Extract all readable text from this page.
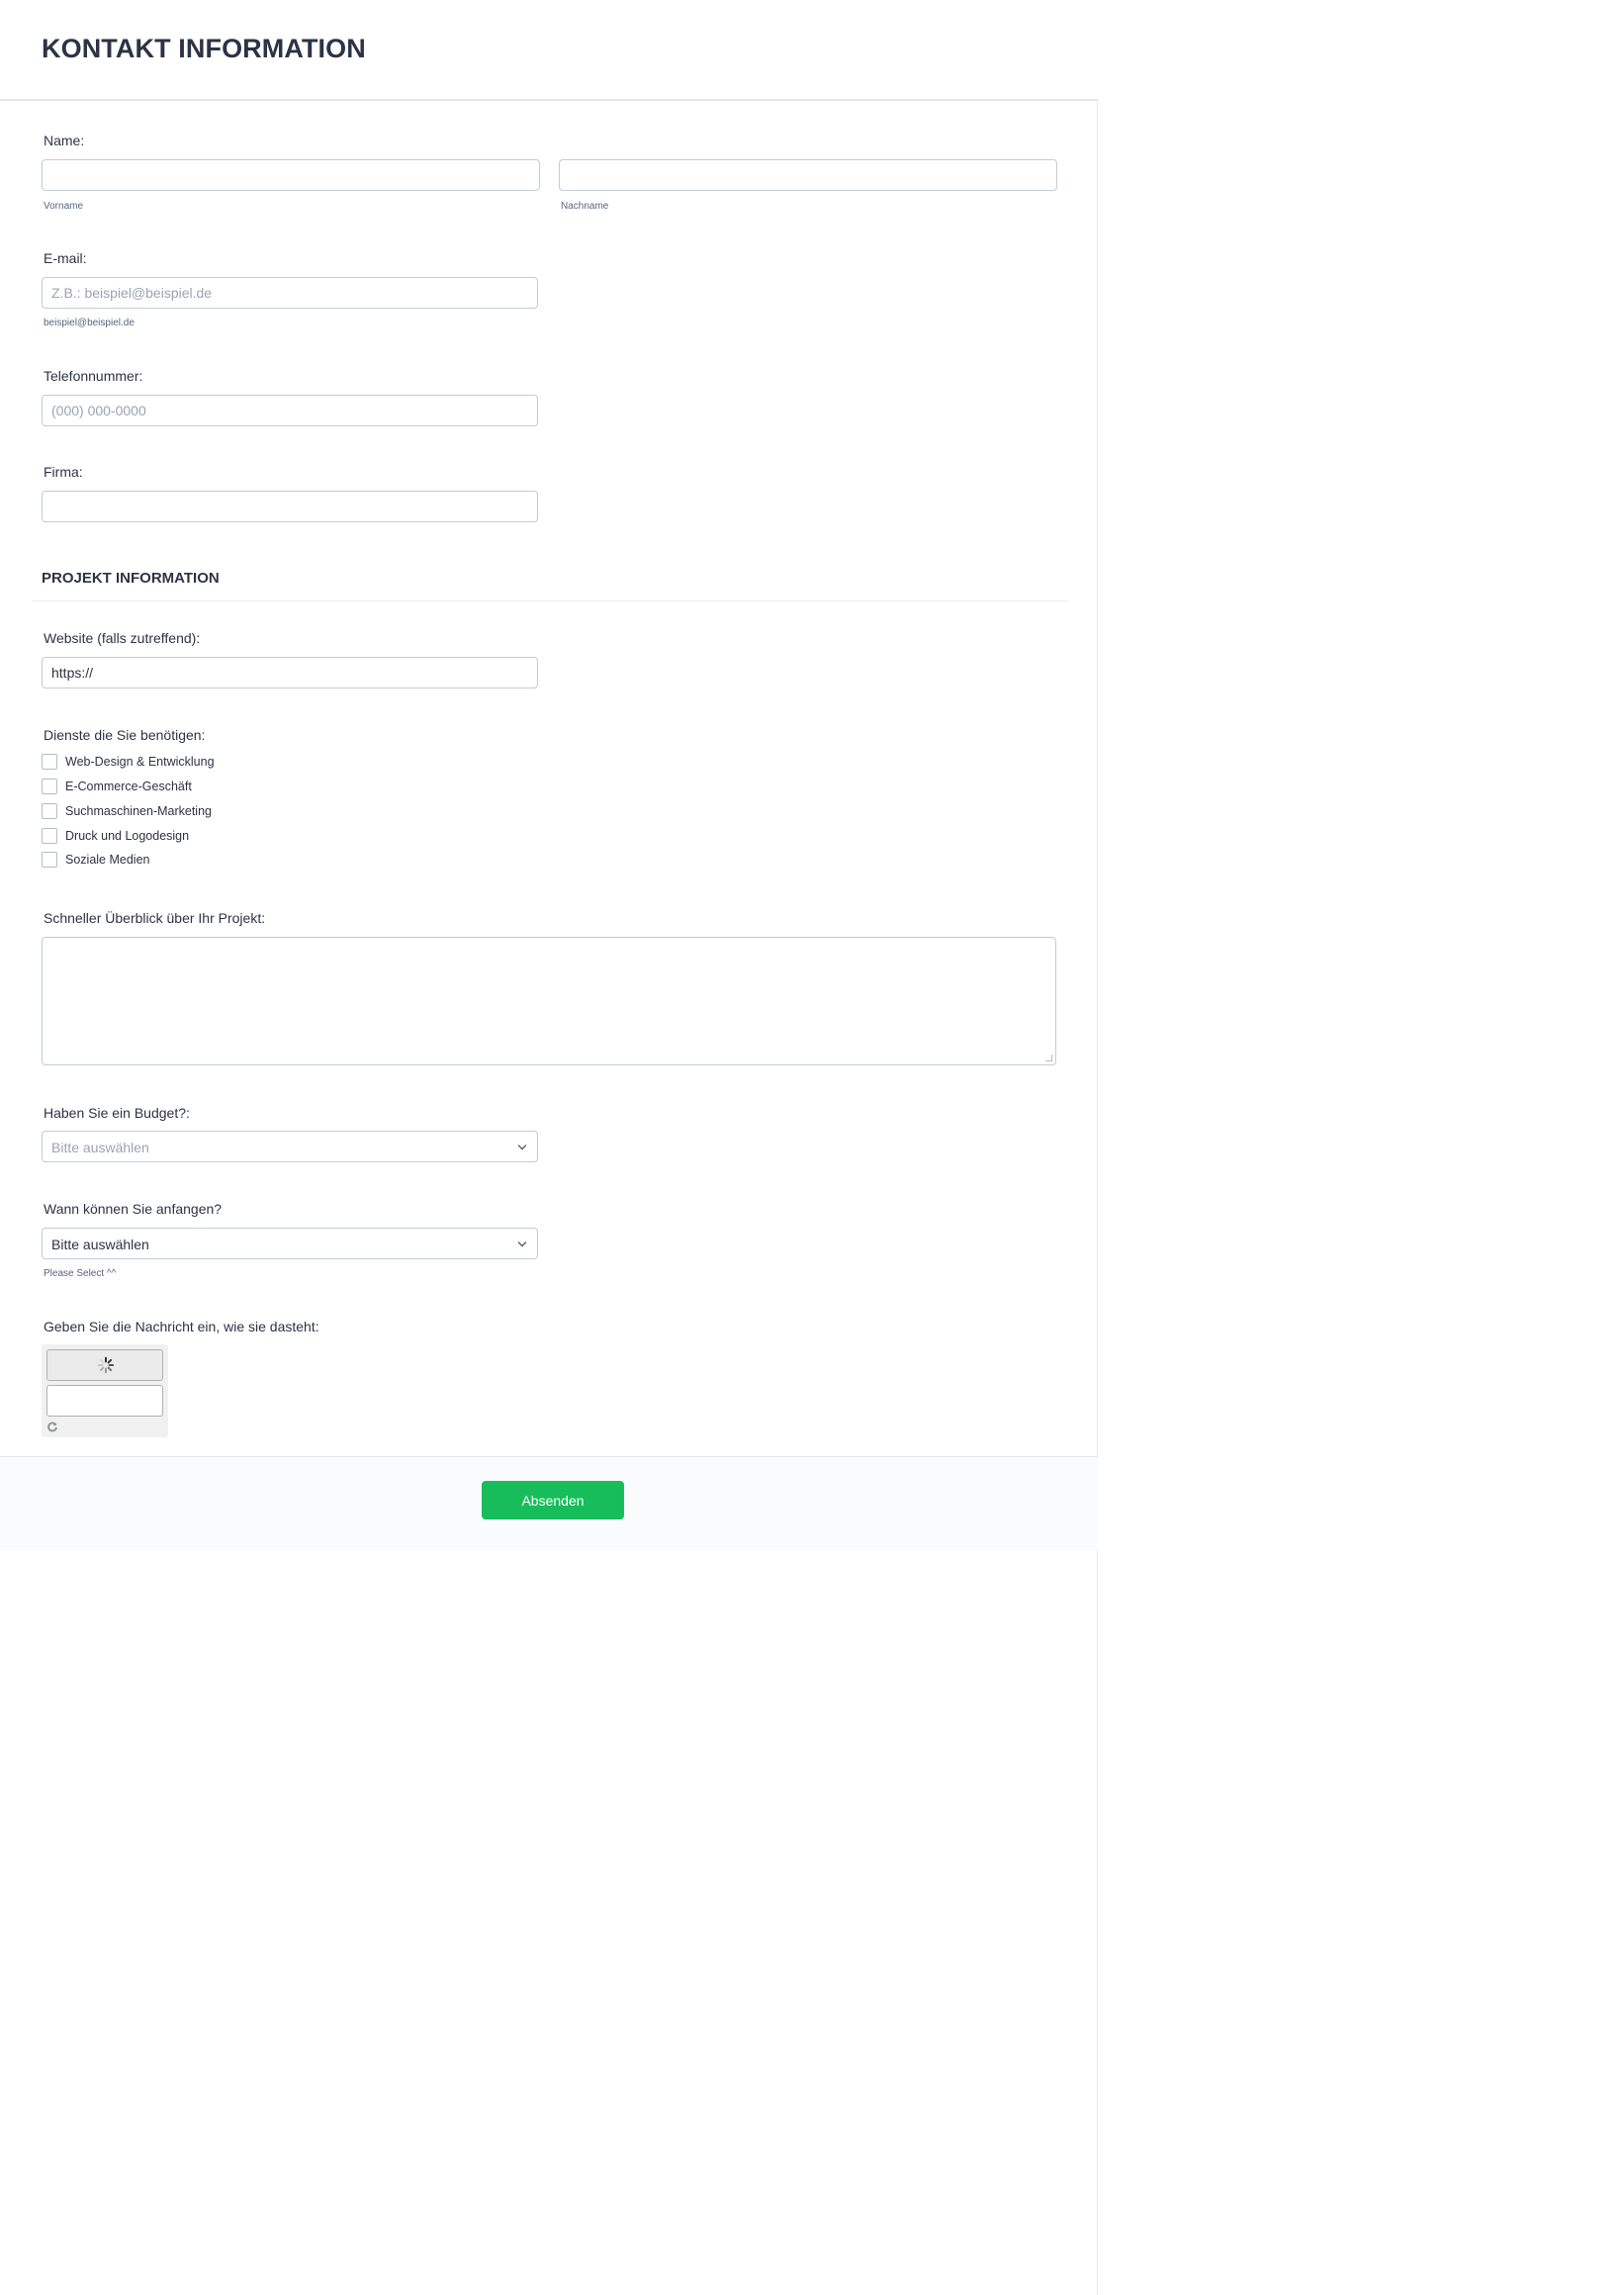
KONTAKT INFORMATION
Name:
Vorname	Nachname
E-mail:
Z.B.: beispiel@beispiel.de
beispiel@beispiel.de
Telefonnummer:
(000) 000-0000
Firma:
PROJEKT INFORMATION
Website (falls zutreffend):
https://
Dienste die Sie benötigen:
Web-Design & Entwicklung
E-Commerce-Geschäft
Suchmaschinen-Marketing
Druck und Logodesign
Soziale Medien
Schneller Überblick über Ihr Projekt:
Haben Sie ein Budget?:
Bitte auswählen
Wann können Sie anfangen?
Bitte auswählen
Please Select ^^
Geben Sie die Nachricht ein, wie sie dasteht:
Absenden
